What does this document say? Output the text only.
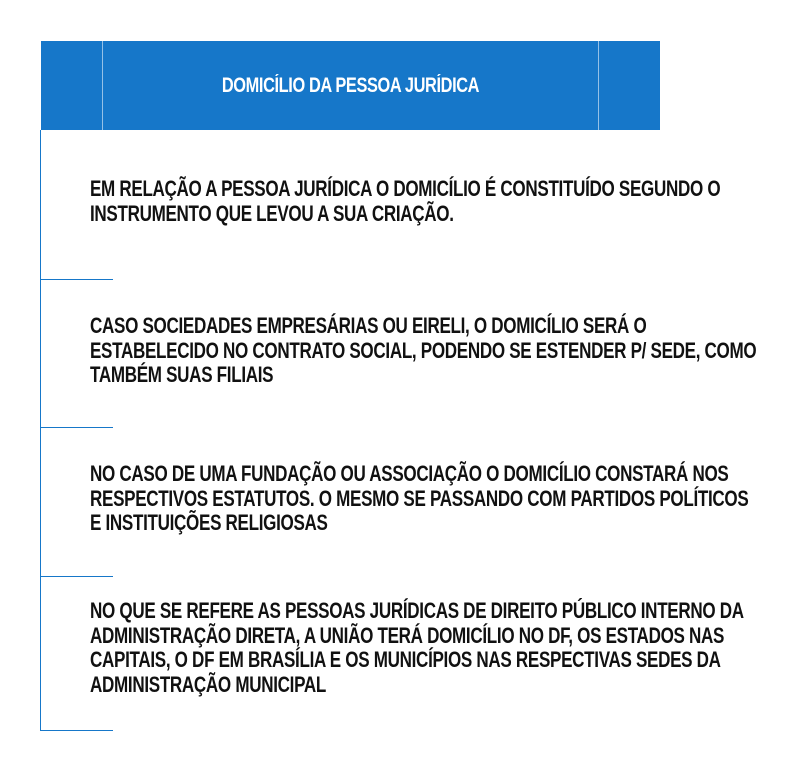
DOMICÍLIO DA PESSOA JURÍDICA

EM RELAÇÃO A PESSOA JURÍDICA O DOMICÍLIO É CONSTITUÍDO SEGUNDO O INSTRUMENTO QUE LEVOU A SUA CRIAÇÃO.

CASO SOCIEDADES EMPRESÁRIAS OU EIRELI, O DOMICÍLIO SERÁ O ESTABELECIDO NO CONTRATO SOCIAL, PODENDO SE ESTENDER P/ SEDE, COMO TAMBÉM SUAS FILIAIS

NO CASO DE UMA FUNDAÇÃO OU ASSOCIAÇÃO O DOMICÍLIO CONSTARÁ NOS RESPECTIVOS ESTATUTOS. O MESMO SE PASSANDO COM PARTIDOS POLÍTICOS E INSTITUIÇÕES RELIGIOSAS

NO QUE SE REFERE AS PESSOAS JURÍDICAS DE DIREITO PÚBLICO INTERNO DA ADMINISTRAÇÃO DIRETA, A UNIÃO TERÁ DOMICÍLIO NO DF, OS ESTADOS NAS CAPITAIS, O DF EM BRASÍLIA E OS MUNICÍPIOS NAS RESPECTIVAS SEDES DA ADMINISTRAÇÃO MUNICIPAL
